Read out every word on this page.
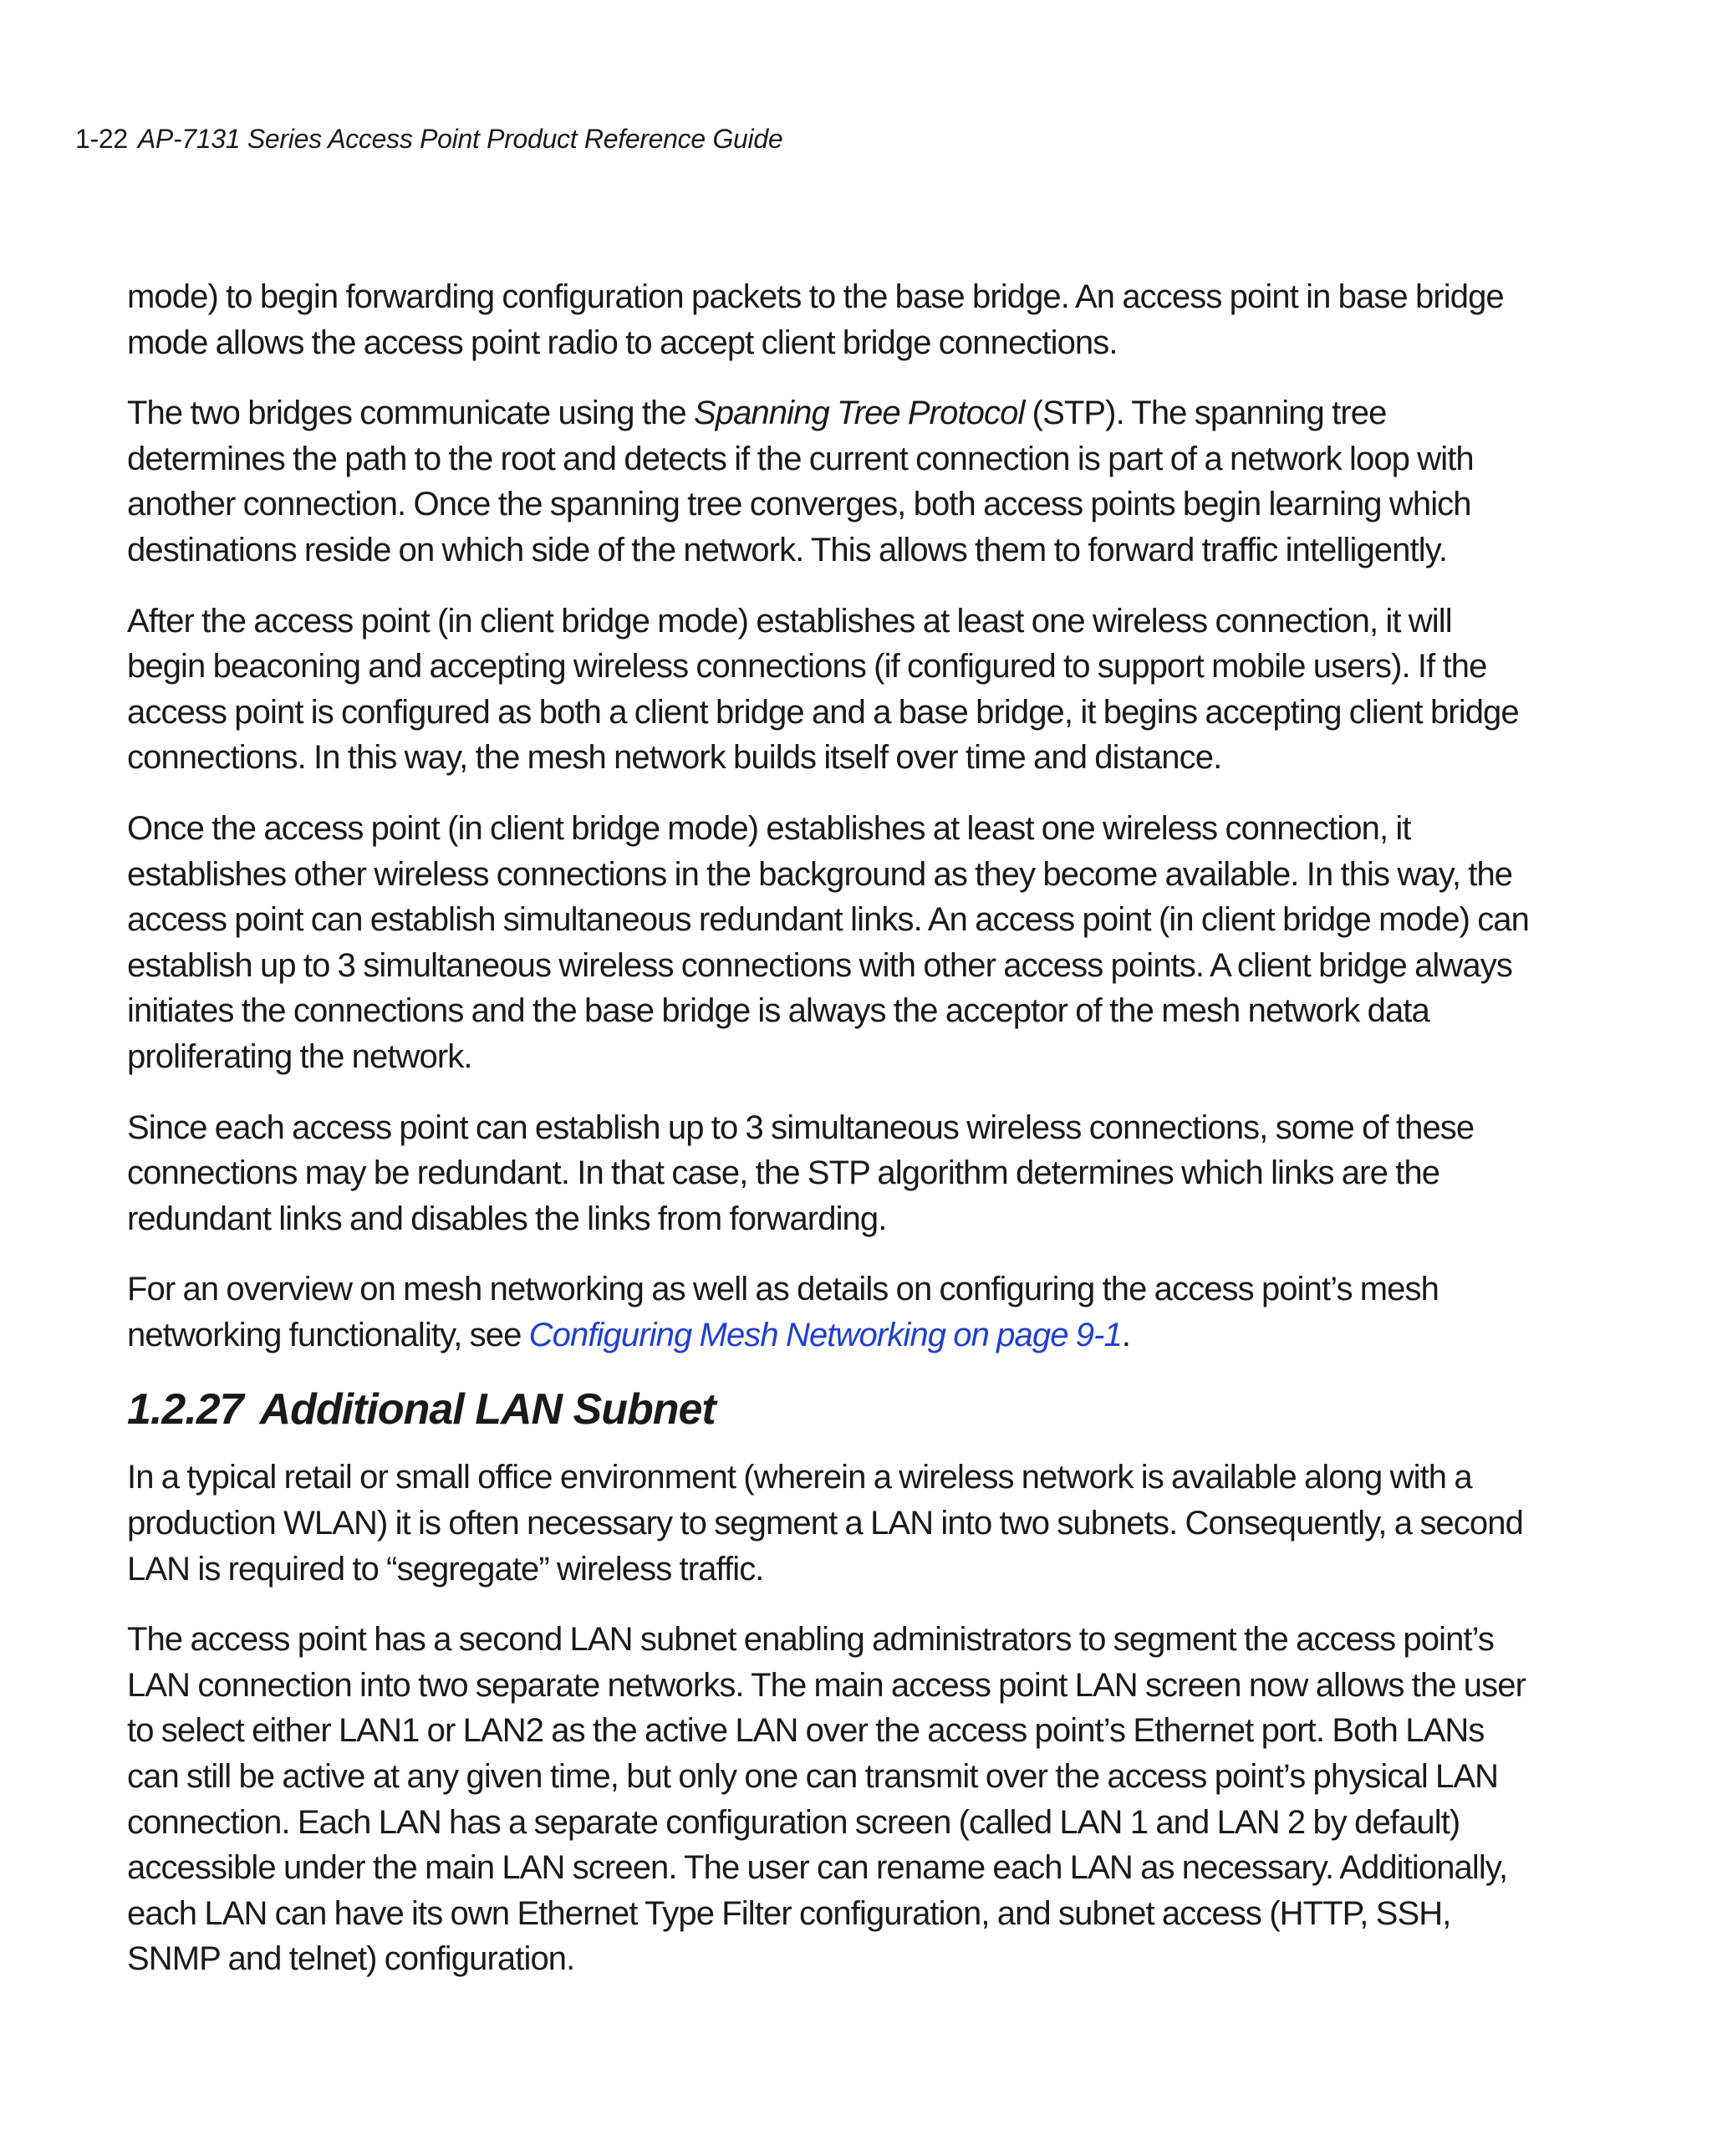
1-22 AP-7131 Series Access Point Product Reference Guide

mode) to begin forwarding configuration packets to the base bridge. An access point in base bridge mode allows the access point radio to accept client bridge connections.

The two bridges communicate using the Spanning Tree Protocol (STP). The spanning tree determines the path to the root and detects if the current connection is part of a network loop with another connection. Once the spanning tree converges, both access points begin learning which destinations reside on which side of the network. This allows them to forward traffic intelligently.

After the access point (in client bridge mode) establishes at least one wireless connection, it will begin beaconing and accepting wireless connections (if configured to support mobile users). If the access point is configured as both a client bridge and a base bridge, it begins accepting client bridge connections. In this way, the mesh network builds itself over time and distance.

Once the access point (in client bridge mode) establishes at least one wireless connection, it establishes other wireless connections in the background as they become available. In this way, the access point can establish simultaneous redundant links. An access point (in client bridge mode) can establish up to 3 simultaneous wireless connections with other access points. A client bridge always initiates the connections and the base bridge is always the acceptor of the mesh network data proliferating the network.

Since each access point can establish up to 3 simultaneous wireless connections, some of these connections may be redundant. In that case, the STP algorithm determines which links are the redundant links and disables the links from forwarding.

For an overview on mesh networking as well as details on configuring the access point’s mesh networking functionality, see Configuring Mesh Networking on page 9-1.

1.2.27 Additional LAN Subnet

In a typical retail or small office environment (wherein a wireless network is available along with a production WLAN) it is often necessary to segment a LAN into two subnets. Consequently, a second LAN is required to “segregate” wireless traffic.

The access point has a second LAN subnet enabling administrators to segment the access point’s LAN connection into two separate networks. The main access point LAN screen now allows the user to select either LAN1 or LAN2 as the active LAN over the access point’s Ethernet port. Both LANs can still be active at any given time, but only one can transmit over the access point’s physical LAN connection. Each LAN has a separate configuration screen (called LAN 1 and LAN 2 by default) accessible under the main LAN screen. The user can rename each LAN as necessary. Additionally, each LAN can have its own Ethernet Type Filter configuration, and subnet access (HTTP, SSH, SNMP and telnet) configuration.
